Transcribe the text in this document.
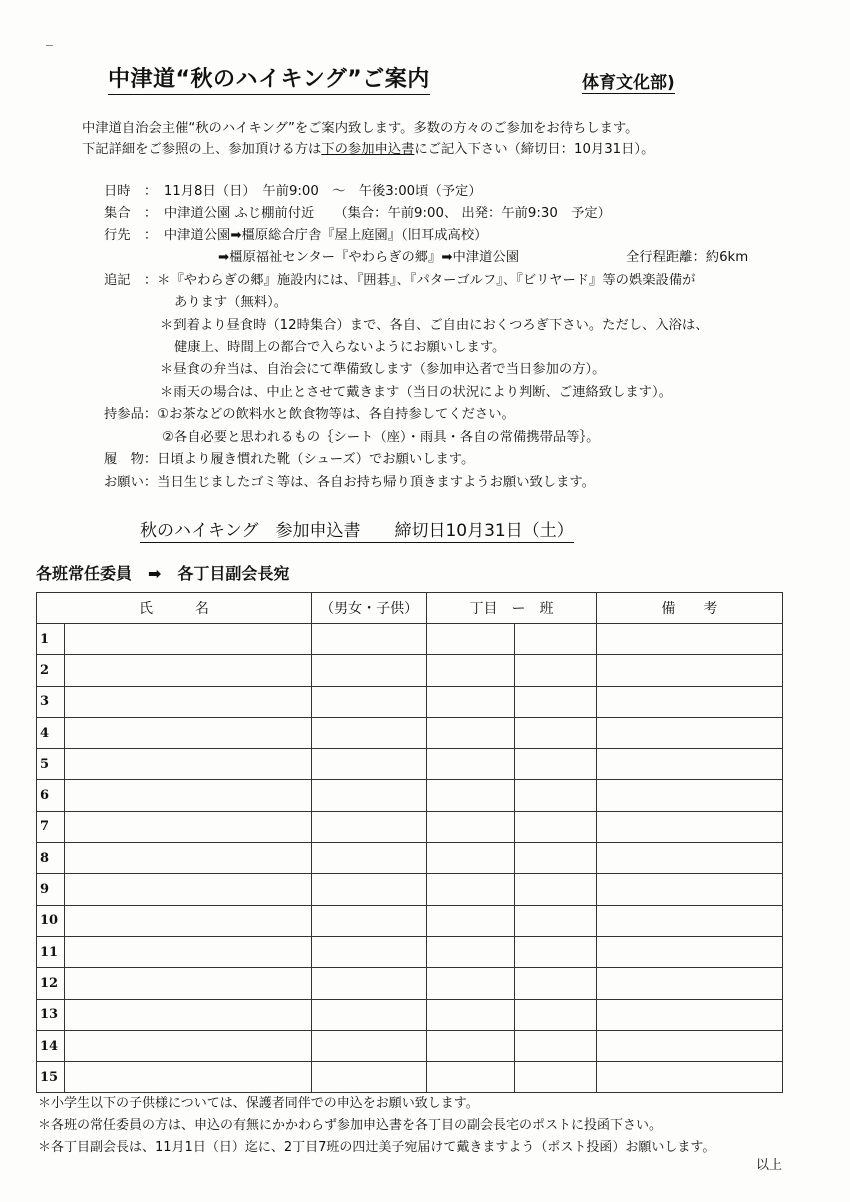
中津道“秋のハイキング”ご案内	体育文化部)
中津道自治会主催“秋のハイキング”をご案内致します。多数の方々のご参加をお待ちします。
下記詳細をご参照の上、参加頂ける方は下の参加申込書にご記入下さい（締切日：10月31日）。
日時　：　11月8日（日）　午前9:00　～　午後3:00頃（予定）
集合　：　中津道公園 ふじ棚前付近　　（集合：午前9:00、 出発：午前9:30　予定）
行先　：　中津道公園➡橿原総合庁舎『屋上庭園』（旧耳成高校）
➡橿原福祉センター『やわらぎの郷』➡中津道公園	全行程距離：約6km
追記　：＊『やわらぎの郷』施設内には、『囲碁』、『パターゴルフ』、『ビリヤード』等の娯楽設備が
あります（無料）。
＊到着より昼食時（12時集合）まで、各自、ご自由におくつろぎ下さい。ただし、入浴は、
健康上、時間上の都合で入らないようにお願いします。
＊昼食の弁当は、自治会にて準備致します（参加申込者で当日参加の方）。
＊雨天の場合は、中止とさせて戴きます（当日の状況により判断、ご連絡致します）。
持参品：①お茶などの飲料水と飲食物等は、各自持参してください。
②各自必要と思われるもの｛シート（座）・雨具・各自の常備携帯品等｝。
履　物：日頃より履き慣れた靴（シューズ）でお願いします。
お願い：当日生じましたゴミ等は、各自お持ち帰り頂きますようお願い致します。
秋のハイキング　参加申込書　　締切日10月31日（土）
各班常任委員　➡　各丁目副会長宛
氏　　　名		（男女・子供）	丁目　ー　班		備　　考
1					
2					
3					
4					
5					
6					
7					
8					
9					
10					
11					
12					
13					
14					
15					
＊小学生以下の子供様については、保護者同伴での申込をお願い致します。
＊各班の常任委員の方は、申込の有無にかかわらず参加申込書を各丁目の副会長宅のポストに投函下さい。
＊各丁目副会長は、11月1日（日）迄に、2丁目7班の四辻美子宛届けて戴きますよう（ポスト投函）お願いします。
以上
